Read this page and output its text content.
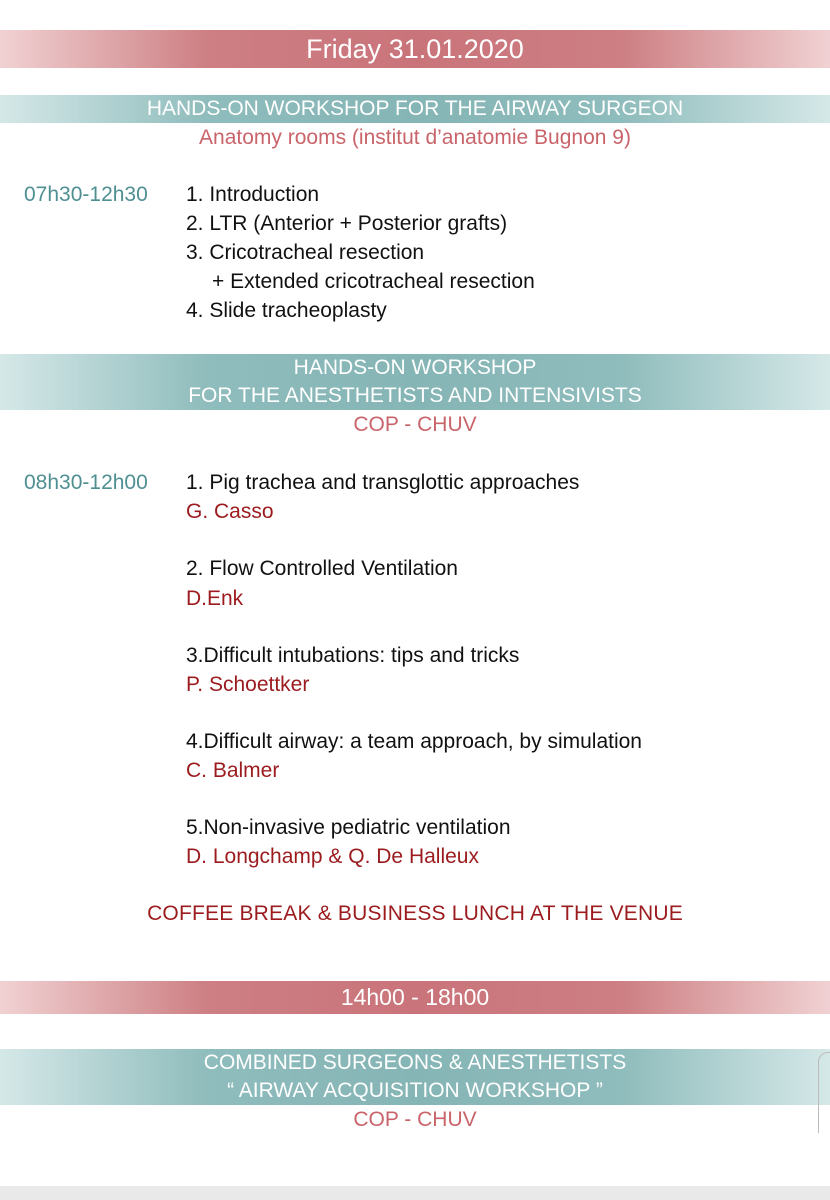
Friday 31.01.2020
HANDS-ON WORKSHOP FOR THE AIRWAY SURGEON
Anatomy rooms (institut d’anatomie Bugnon 9)
07h30-12h30 1. Introduction
2. LTR (Anterior + Posterior grafts)
3. Cricotracheal resection
+ Extended cricotracheal resection
4. Slide tracheoplasty
HANDS-ON WORKSHOP
FOR THE ANESTHETISTS AND INTENSIVISTS
COP - CHUV
08h30-12h00 1. Pig trachea and transglottic approaches
G. Casso
2. Flow Controlled Ventilation
D.Enk
3.Difficult intubations: tips and tricks
P. Schoettker
4.Difficult airway: a team approach, by simulation
C. Balmer
5.Non-invasive pediatric ventilation
D. Longchamp & Q. De Halleux
COFFEE BREAK & BUSINESS LUNCH AT THE VENUE
14h00 - 18h00
COMBINED SURGEONS & ANESTHETISTS
“ AIRWAY ACQUISITION WORKSHOP ”
COP - CHUV
